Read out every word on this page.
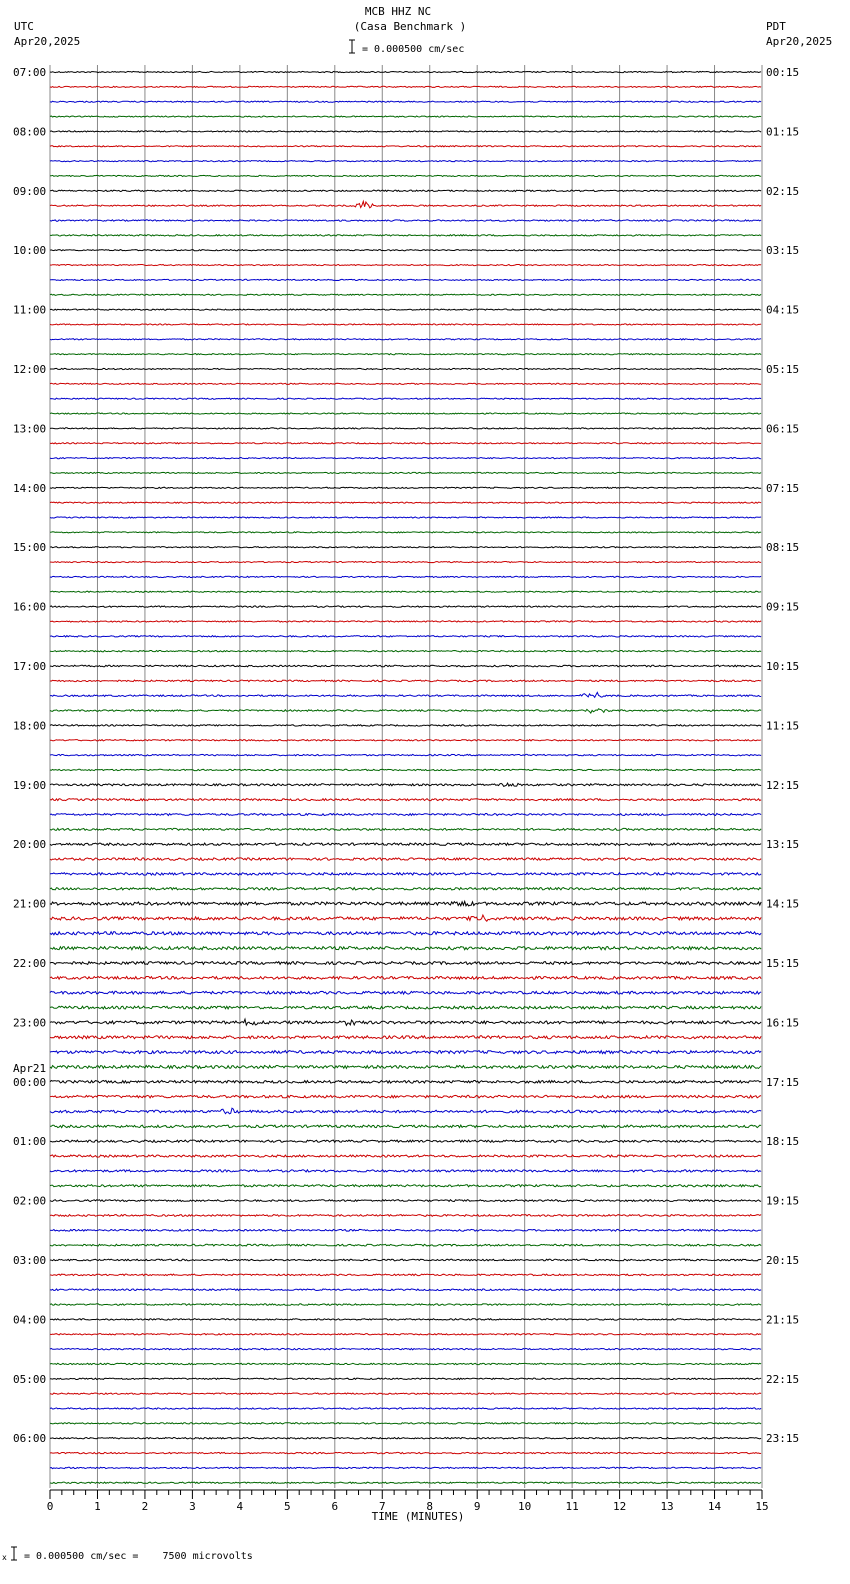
MCB HHZ NC
(Casa Benchmark )
UTC
Apr20,2025
PDT
Apr20,2025
= 0.000500 cm/sec
07:00	00:15
08:00	01:15
09:00	02:15
10:00	03:15
11:00	04:15
12:00	05:15
13:00	06:15
14:00	07:15
15:00	08:15
16:00	09:15
17:00	10:15
18:00	11:15
19:00	12:15
20:00	13:15
21:00	14:15
22:00	15:15
23:00	16:15
00:00	17:15
Apr21
01:00	18:15
02:00	19:15
03:00	20:15
04:00	21:15
05:00	22:15
06:00	23:15
0	1	2	3	4	5	6	7	8	9	10	11	12	13	14	15
TIME (MINUTES)
x = 0.000500 cm/sec =    7500 microvolts
